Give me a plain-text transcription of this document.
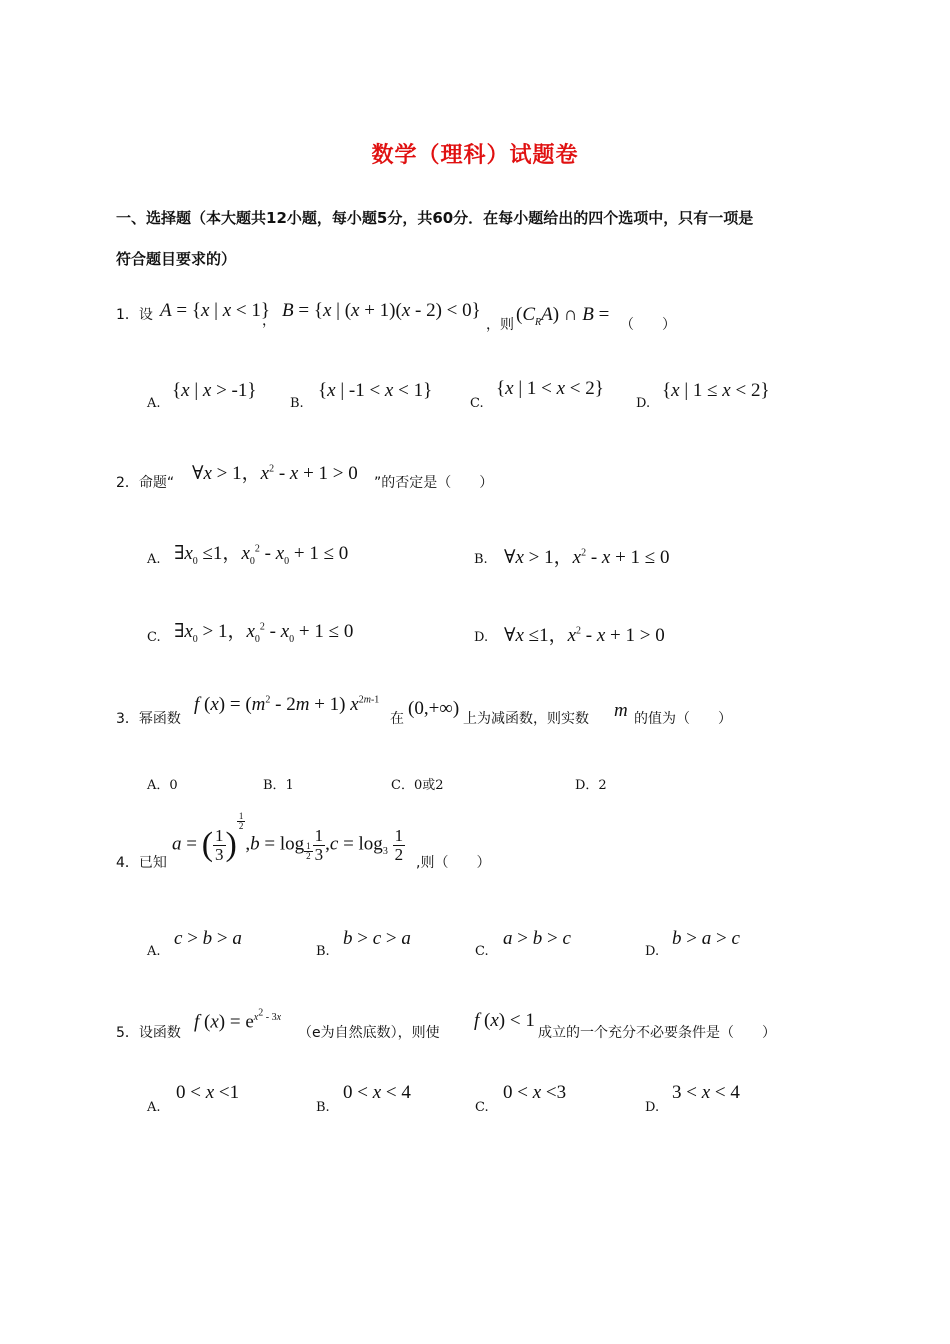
数学（理科）试题卷
一、选择题（本大题共12小题，每小题5分，共60分．在每小题给出的四个选项中，只有一项是
符合题目要求的）
1．设 A = {x | x < 1}
， B = {x | (x + 1)(x - 2) < 0}
，则 $(C_RA)$ ∩ B = （　　）
A.
{x | x > -1}
B.
{x | -1 < x < 1}
C.
{x | 1 < x < 2}
D.
{x | 1 ≤ x < 2}
2．命题“ ∀x > 1，$x^2 - x + 1 > 0$ ”的否定是（　　）
A. $\exists x_0 \le 1$，$x_0^2 - x_0 + 1 \le 0$	B. ∀x > 1，$x^2 - x + 1 \le 0$
C. $\exists x_0 > 1$，$x_0^2 - x_0 + 1 \le 0$	D. ∀x ≤1，$x^2 - x + 1 > 0$
3．幂函数
f $(x) = (m^2 - 2m + 1)$ $x^{2m-1}$
在 (0,+∞) 上为减函数，则实数 m 的值为（　　）
A．0	B．1	C．0或2	D．2
4．已知
a = ( $\frac{1}{3}$ )
$^{\frac{1}{2}}$
$,b = \log _{\frac{1}{2}} \frac{1}{3} ,c = \log_3 \frac{1}{2}$ ,则（　　）
A.
c > b > a
B.
b > c > a
C.
a > b > c
D.
b > a > c
5．设函数
f $(x) = e^{x^2 - 3x}$
（e为自然底数），则使
f (x) < 1
成立的一个充分不必要条件是（　　）
A.
0 < x <1
B.
0 < x < 4
C.
0 < x <3
D.
3 < x < 4
